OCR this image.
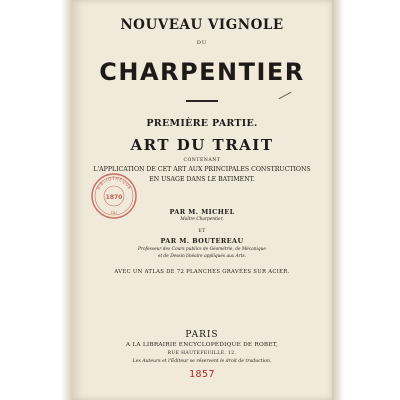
NOUVEAU VIGNOLE
DU
CHARPENTIER
PREMIÈRE PARTIE.
ART DU TRAIT
CONTENANT
L'APPLICATION DE CET ART AUX PRINCIPALES CONSTRUCTIONS
EN USAGE DANS LE BATIMENT.
PAR M. MICHEL
Maître Charpentier,
ET
PAR M. BOUTEREAU
Professeur des Cours publics de Géométrie, de Mécanique
et de Dessin linéaire appliqués aux Arts.
AVEC UN ATLAS DE 72 PLANCHES GRAVÉES SUR ACIER.
PARIS
A LA LIBRAIRIE ENCYCLOPÉDIQUE DE ROBET,
RUE HAUTEFEUILLE, 12.
Les Auteurs et l'Éditeur se réservent le droit de traduction.
1857
BIBLIOTHÈQUE
DU
1870
